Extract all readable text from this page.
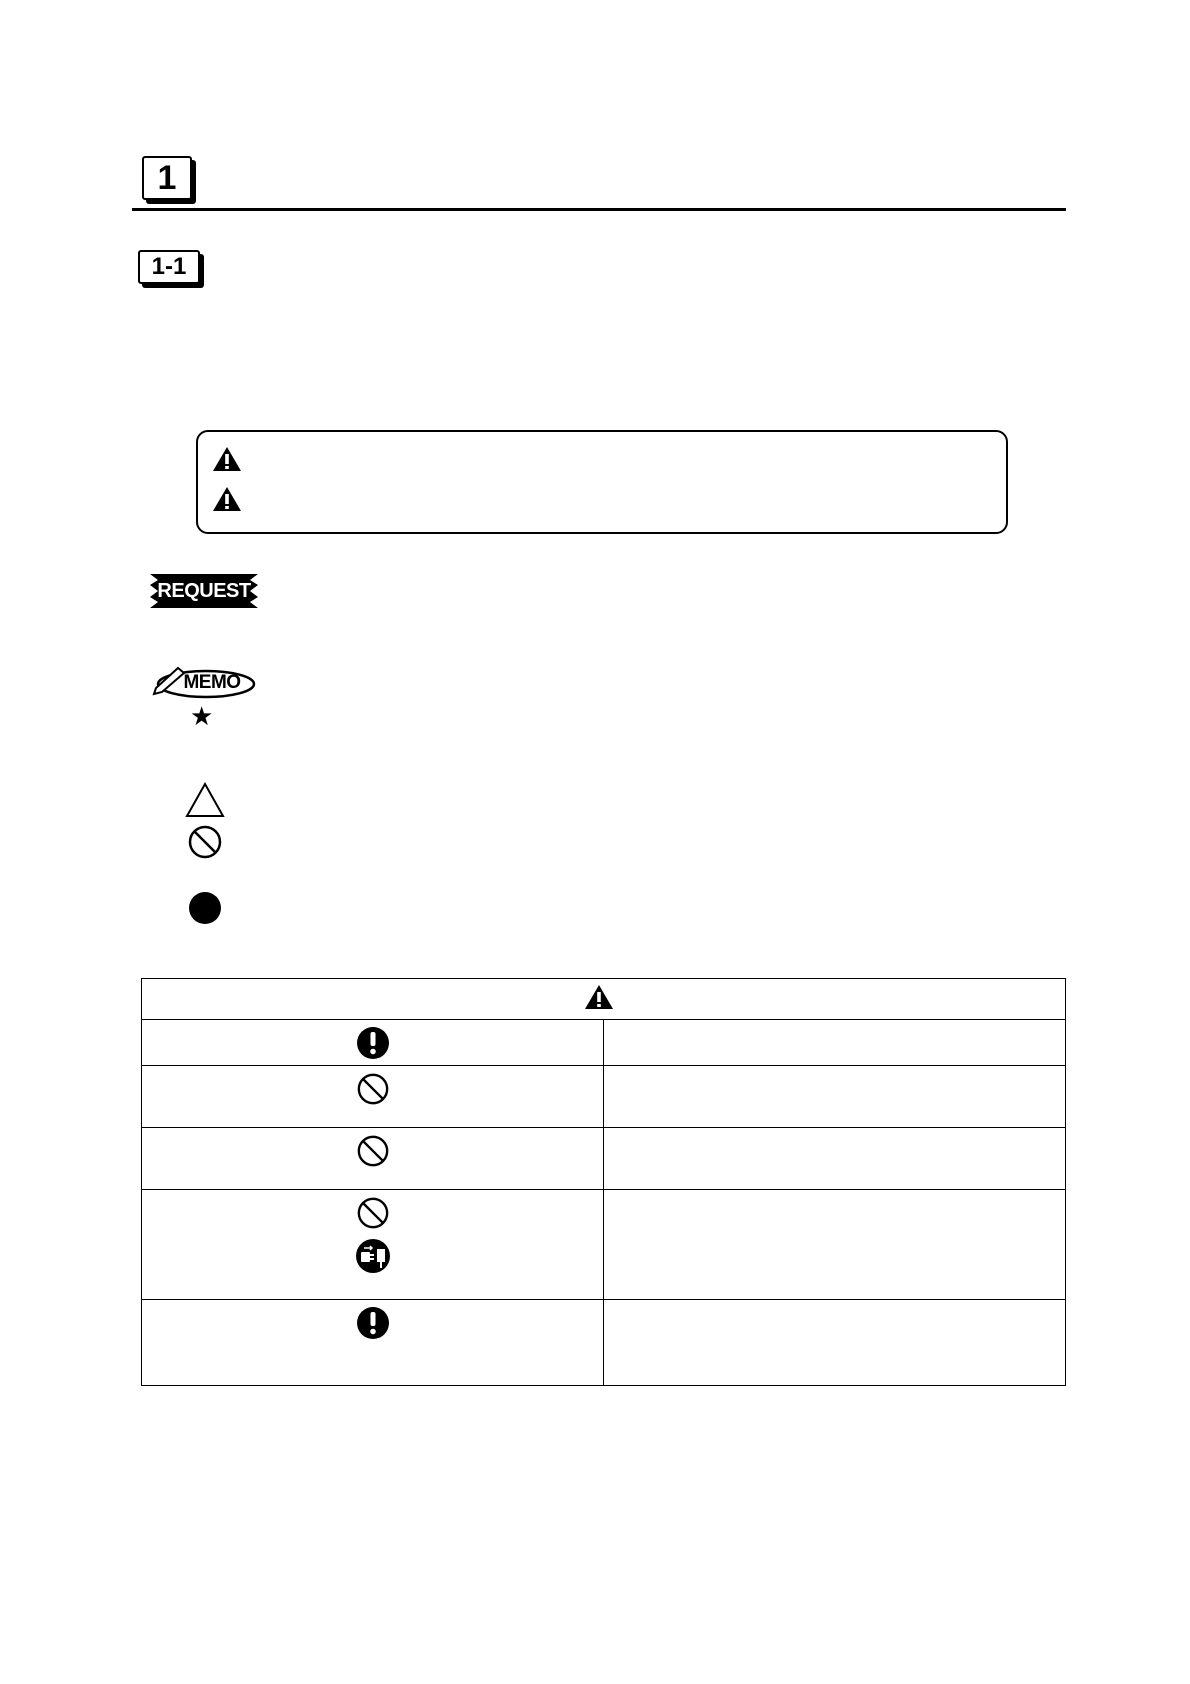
1
1-1
REQUEST
MEMO
★
